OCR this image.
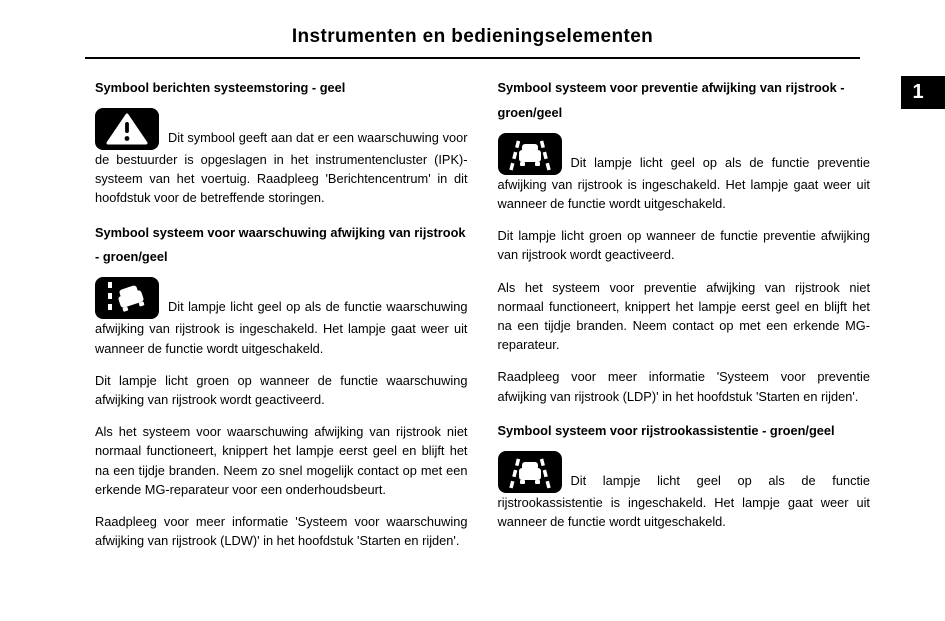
Instrumenten en bedieningselementen
1
Symbool berichten systeemstoring - geel

Dit symbool geeft aan dat er een waarschuwing voor de bestuurder is opgeslagen in het instrumentencluster (IPK)-systeem van het voertuig. Raadpleeg 'Berichtencentrum' in dit hoofdstuk voor de betreffende storingen.

Symbool systeem voor waarschuwing afwijking van rijstrook - groen/geel

Dit lampje licht geel op als de functie waarschuwing afwijking van rijstrook is ingeschakeld. Het lampje gaat weer uit wanneer de functie wordt uitgeschakeld.

Dit lampje licht groen op wanneer de functie waarschuwing afwijking van rijstrook wordt geactiveerd.

Als het systeem voor waarschuwing afwijking van rijstrook niet normaal functioneert, knippert het lampje eerst geel en blijft het na een tijdje branden. Neem zo snel mogelijk contact op met een erkende MG-reparateur voor een onderhoudsbeurt.

Raadpleeg voor meer informatie 'Systeem voor waarschuwing afwijking van rijstrook (LDW)' in het hoofdstuk 'Starten en rijden'.

Symbool systeem voor preventie afwijking van rijstrook - groen/geel

Dit lampje licht geel op als de functie preventie afwijking van rijstrook is ingeschakeld. Het lampje gaat weer uit wanneer de functie wordt uitgeschakeld.

Dit lampje licht groen op wanneer de functie preventie afwijking van rijstrook wordt geactiveerd.

Als het systeem voor preventie afwijking van rijstrook niet normaal functioneert, knippert het lampje eerst geel en blijft het na een tijdje branden. Neem contact op met een erkende MG-reparateur.

Raadpleeg voor meer informatie 'Systeem voor preventie afwijking van rijstrook (LDP)' in het hoofdstuk 'Starten en rijden'.

Symbool systeem voor rijstrookassistentie - groen/geel

Dit lampje licht geel op als de functie rijstrookassistentie is ingeschakeld. Het lampje gaat weer uit wanneer de functie wordt uitgeschakeld.
